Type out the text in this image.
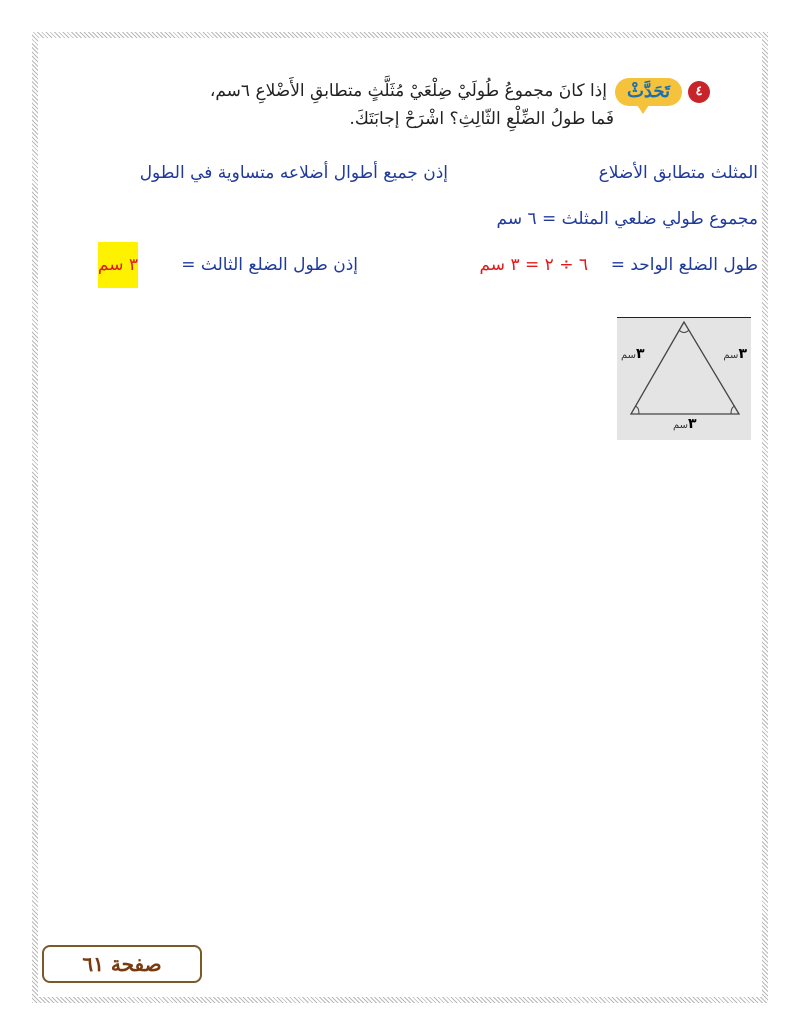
٤
تَحَدَّثْ
إذا كانَ مجموعُ طُولَيْ ضِلْعَيْ مُثَلَّثٍ متطابقِ الأَضْلاعِ ٦سم،
فَما طولُ الضِّلْعِ الثّالِثِ؟ اشْرَحْ إجابَتَكَ.
المثلث متطابق الأضلاع
إذن جميع أطوال أضلاعه متساوية في الطول
مجموع طولي ضلعي المثلث = ٦ سم
طول الضلع الواحد =
٦ ÷ ٢ = ٣ سم
إذن طول الضلع الثالث =
٣ سم
٣سم	٣سم
٣سم
صفحة ٦١
